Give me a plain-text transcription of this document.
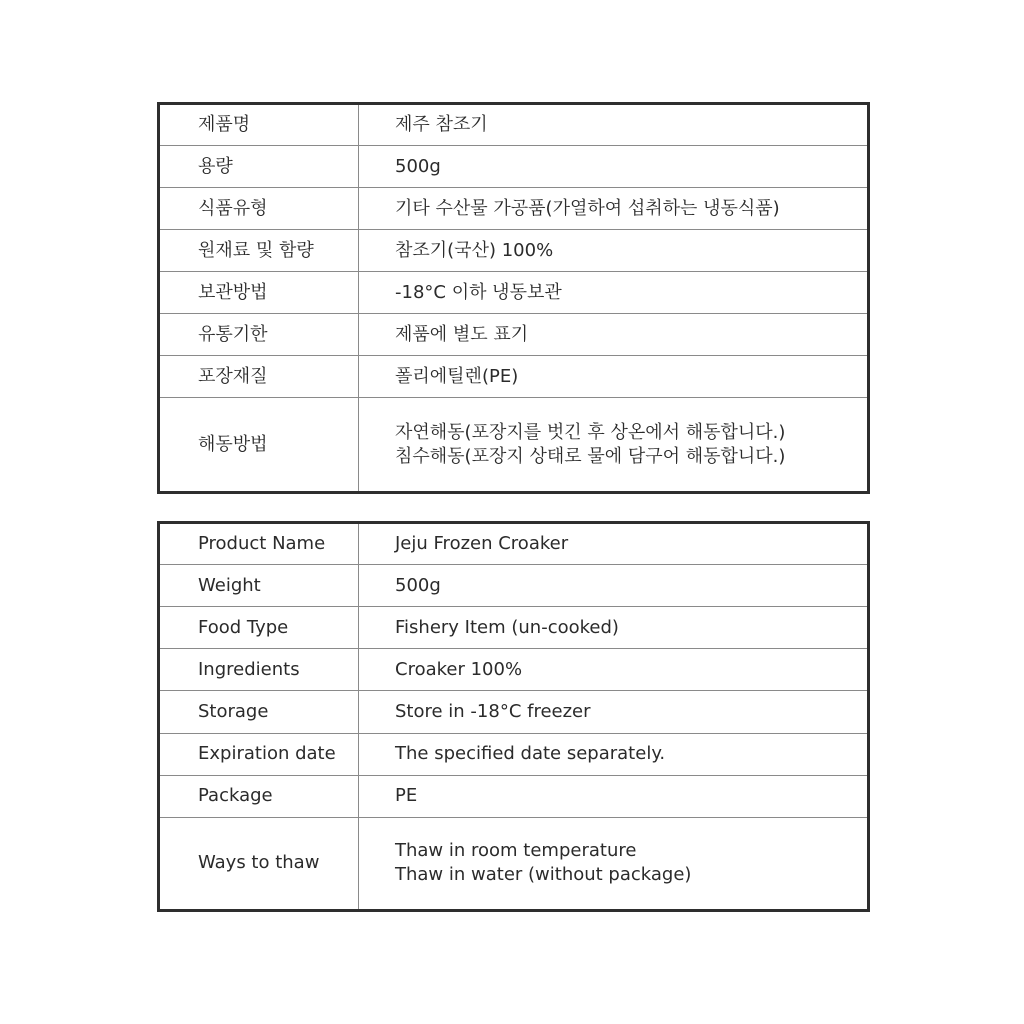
제품명	제주 참조기
용량	500g
식품유형	기타 수산물 가공품(가열하여 섭취하는 냉동식품)
원재료 및 함량	참조기(국산) 100%
보관방법	-18°C 이하 냉동보관
유통기한	제품에 별도 표기
포장재질	폴리에틸렌(PE)
해동방법	자연해동(포장지를 벗긴 후 상온에서 해동합니다.)
침수해동(포장지 상태로 물에 담구어 해동합니다.)
Product Name	Jeju Frozen Croaker
Weight	500g
Food Type	Fishery Item (un-cooked)
Ingredients	Croaker 100%
Storage	Store in -18°C freezer
Expiration date	The specified date separately.
Package	PE
Ways to thaw	Thaw in room temperature
Thaw in water (without package)
